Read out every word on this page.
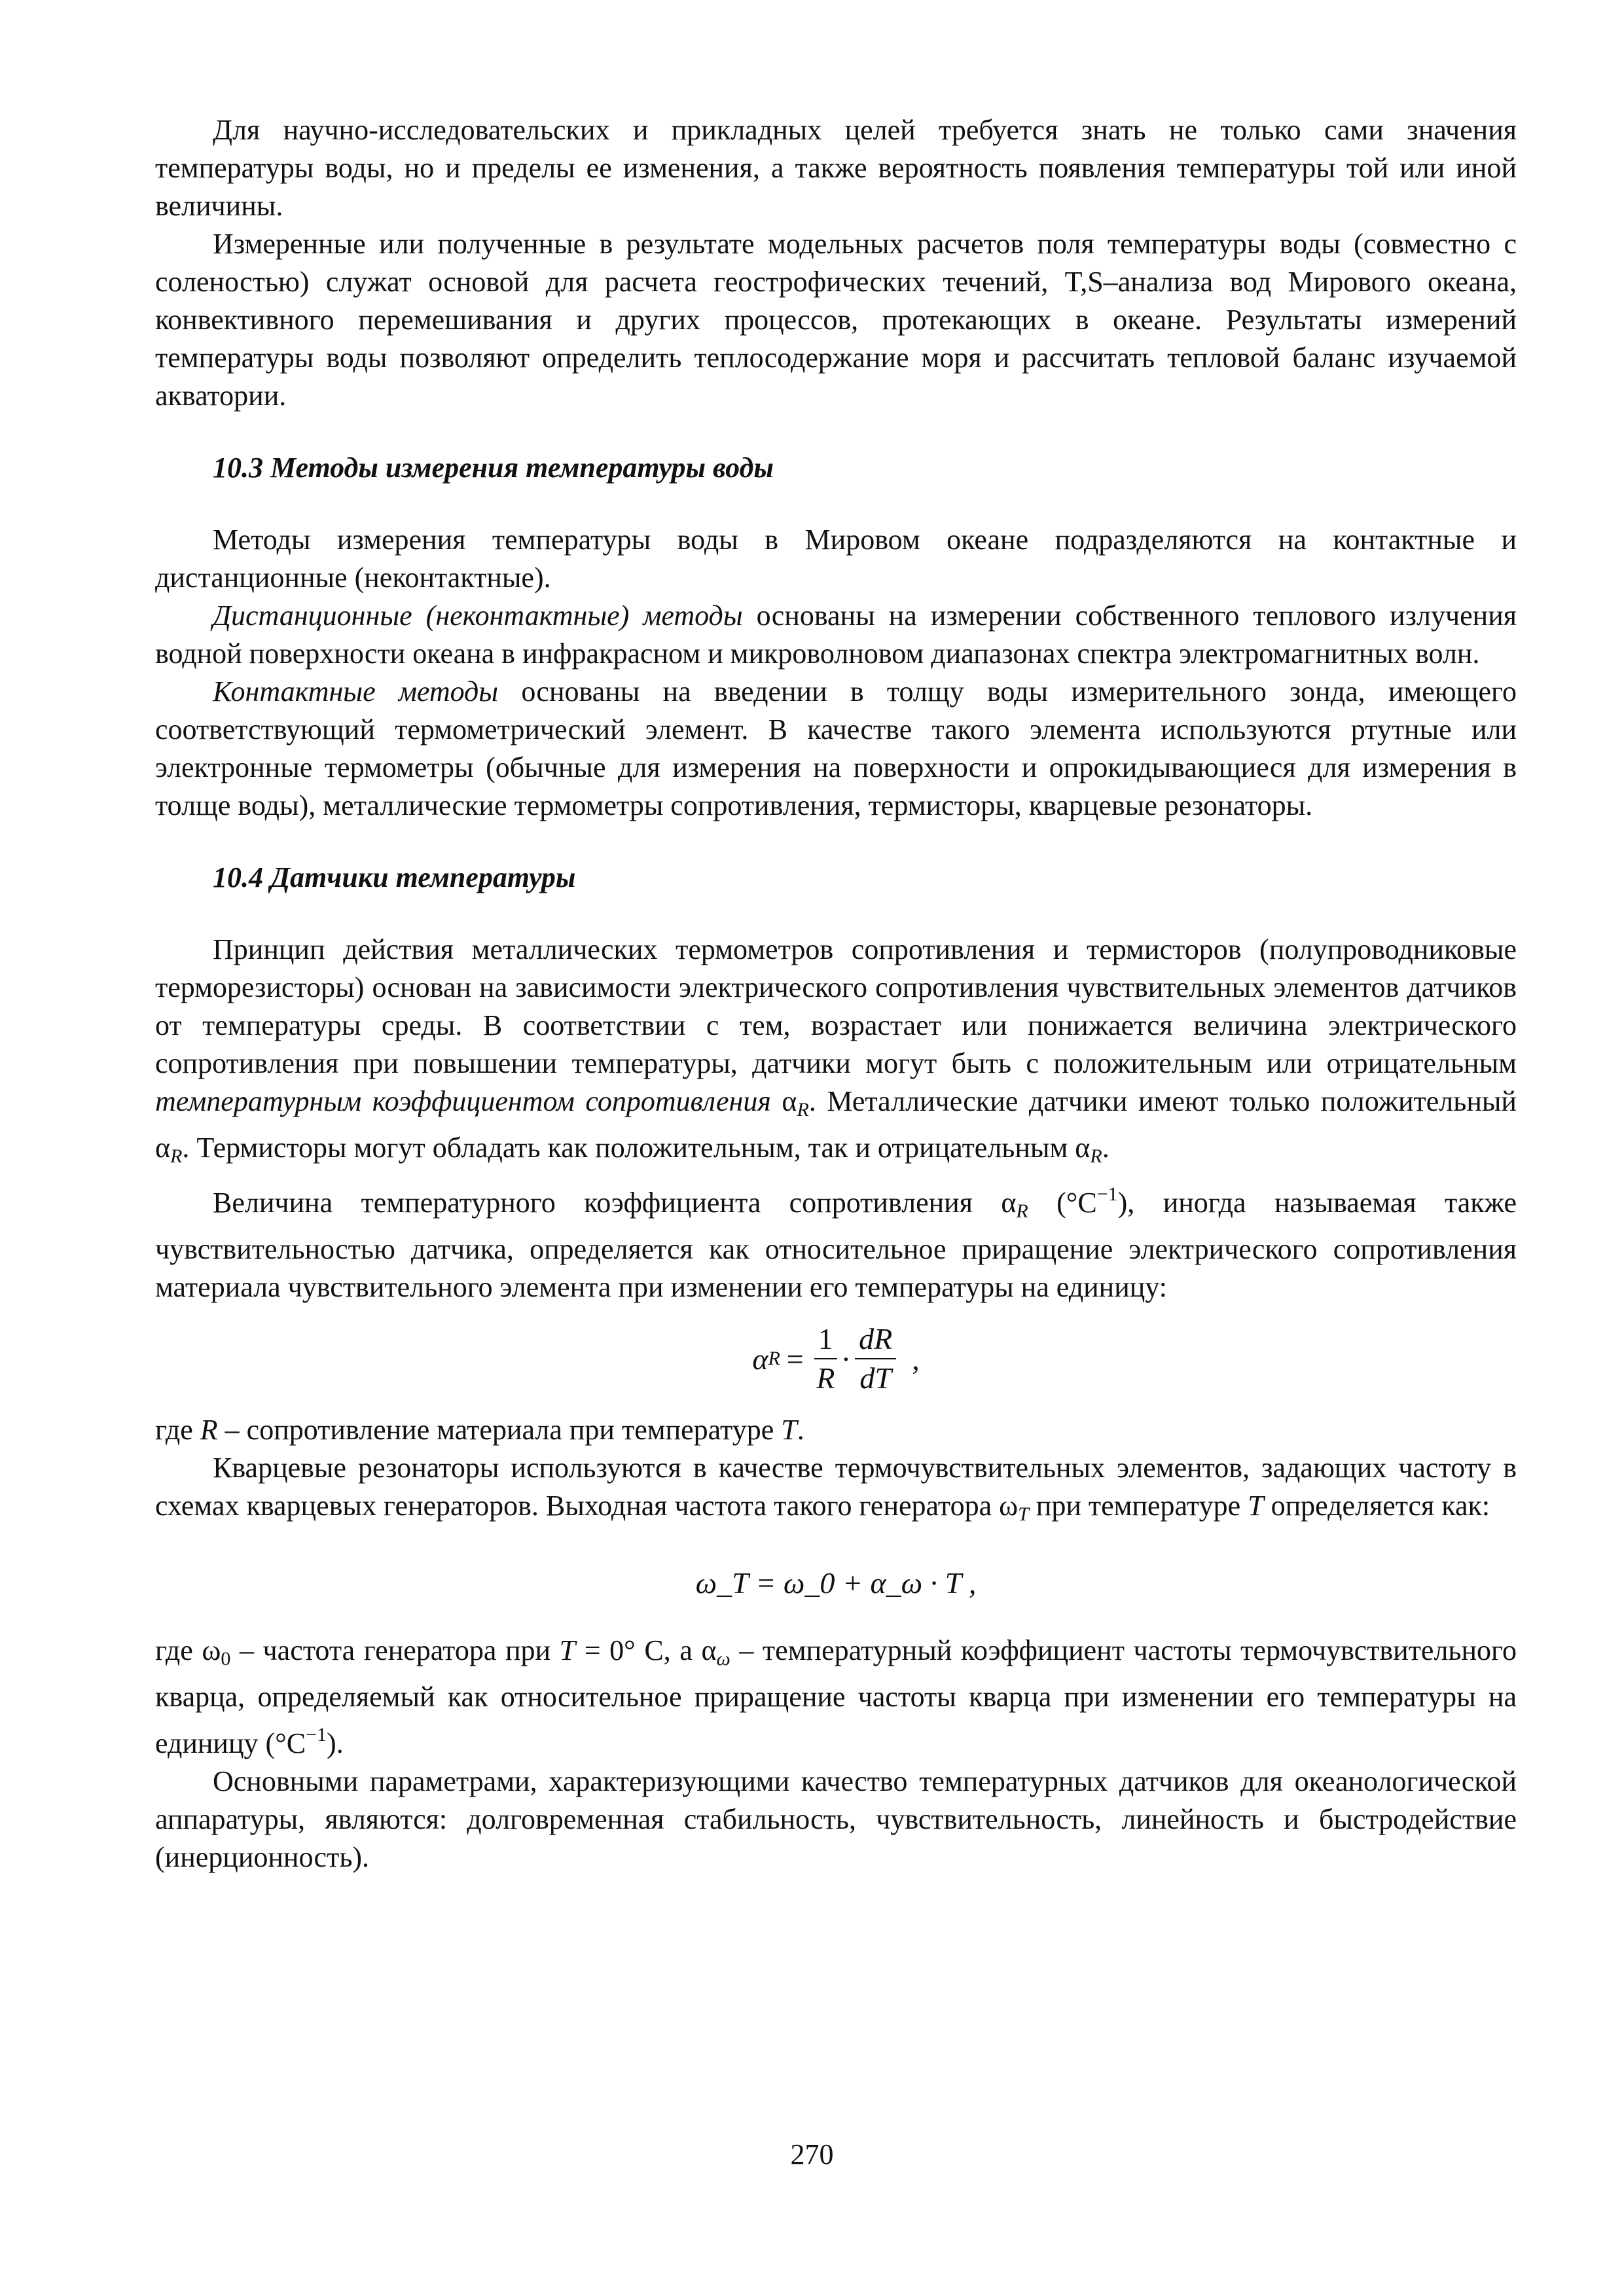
Для научно-исследовательских и прикладных целей требуется знать не только сами значения температуры воды, но и пределы ее изменения, а также вероятность появления температуры той или иной величины.

Измеренные или полученные в результате модельных расчетов поля температуры воды (совместно с соленостью) служат основой для расчета геострофических течений, T,S–анализа вод Мирового океана, конвективного перемешивания и других процессов, протекающих в океане. Результаты измерений температуры воды позволяют определить теплосодержание моря и рассчитать тепловой баланс изучаемой акватории.

10.3 Методы измерения температуры воды

Методы измерения температуры воды в Мировом океане подразделяются на контактные и дистанционные (неконтактные).

Дистанционные (неконтактные) методы основаны на измерении собственного теплового излучения водной поверхности океана в инфракрасном и микроволновом диапазонах спектра электромагнитных волн.

Контактные методы основаны на введении в толщу воды измерительного зонда, имеющего соответствующий термометрический элемент. В качестве такого элемента используются ртутные или электронные термометры (обычные для измерения на поверхности и опрокидывающиеся для измерения в толще воды), металлические термометры сопротивления, термисторы, кварцевые резонаторы.

10.4 Датчики температуры

Принцип действия металлических термометров сопротивления и термисторов (полупроводниковые терморезисторы) основан на зависимости электрического сопротивления чувствительных элементов датчиков от температуры среды. В соответствии с тем, возрастает или понижается величина электрического сопротивления при повышении температуры, датчики могут быть с положительным или отрицательным температурным коэффициентом сопротивления $\alpha_R$. Металлические датчики имеют только положительный $\alpha_R$. Термисторы могут обладать как положительным, так и отрицательным $\alpha_R$.

Величина температурного коэффициента сопротивления $\alpha_R$ $(^\circ C^{-1})$, иногда называемая также чувствительностью датчика, определяется как относительное приращение электрического сопротивления материала чувствительного элемента при изменении его температуры на единицу:

α $R = \frac{1}{R} \cdot \frac{dR}{dT}$ ,

где R – сопротивление материала при температуре T.

Кварцевые резонаторы используются в качестве термочувствительных элементов, задающих частоту в схемах кварцевых генераторов. Выходная частота такого генератора $\omega_T$ при температуре T определяется как:

ω_T = ω_0 + α_ω · T ,

где $\omega_0$ – частота генератора при T = 0° C, а $\alpha_\omega$ – температурный коэффициент частоты термочувствительного кварца, определяемый как относительное приращение частоты кварца при изменении его температуры на единицу $(^\circ C^{-1})$.

Основными параметрами, характеризующими качество температурных датчиков для океанологической аппаратуры, являются: долговременная стабильность, чувствительность, линейность и быстродействие (инерционность).

270
